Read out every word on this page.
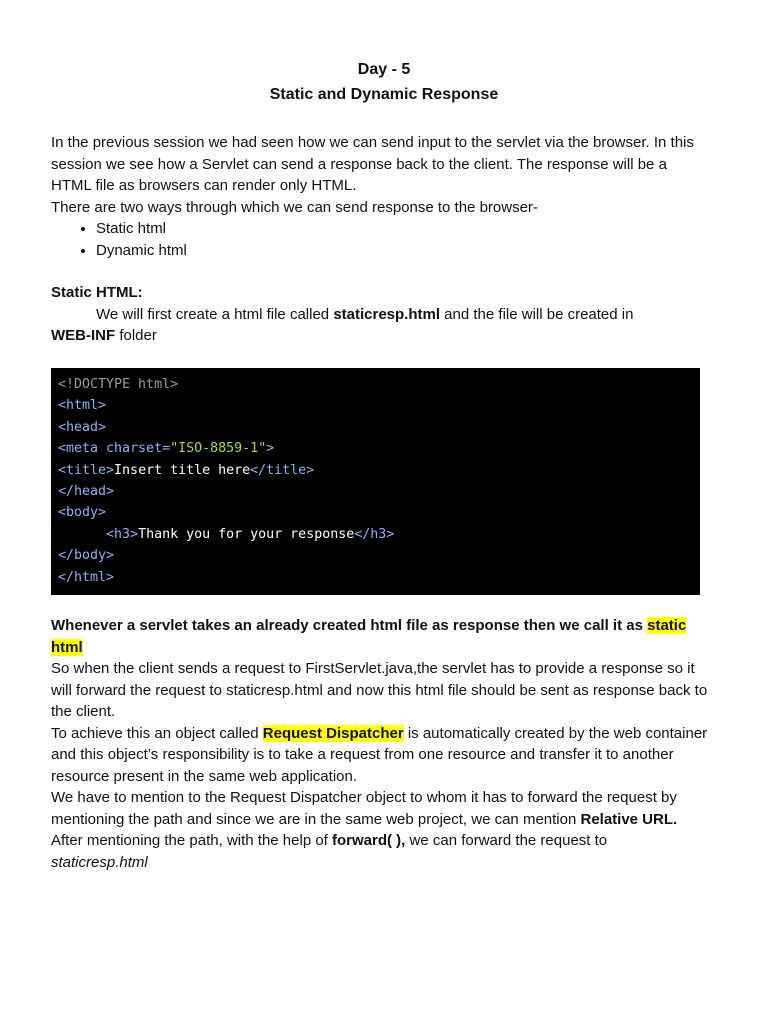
Day - 5
Static and Dynamic Response

In the previous session we had seen how we can send input to the servlet via the browser. In this session we see how a Servlet can send a response back to the client. The response will be a HTML file as browsers can render only HTML.

There are two ways through which we can send response to the browser-

• Static html
• Dynamic html

Static HTML:

We will first create a html file called staticresp.html and the file will be created in

WEB-INF folder

<!DOCTYPE html>
<html>
<head>
<meta charset="ISO-8859-1">
<title>Insert title here</title>
</head>
<body>
<h3>Thank you for your response</h3>
</body>
</html>

Whenever a servlet takes an already created html file as response then we call it as static html

So when the client sends a request to FirstServlet.java,the servlet has to provide a response so it will forward the request to staticresp.html and now this html file should be sent as response back to the client.

To achieve this an object called Request Dispatcher is automatically created by the web container and this object’s responsibility is to take a request from one resource and transfer it to another resource present in the same web application.

We have to mention to the Request Dispatcher object to whom it has to forward the request by mentioning the path and since we are in the same web project, we can mention Relative URL.

After mentioning the path, with the help of forward( ), we can forward the request to
staticresp.html
